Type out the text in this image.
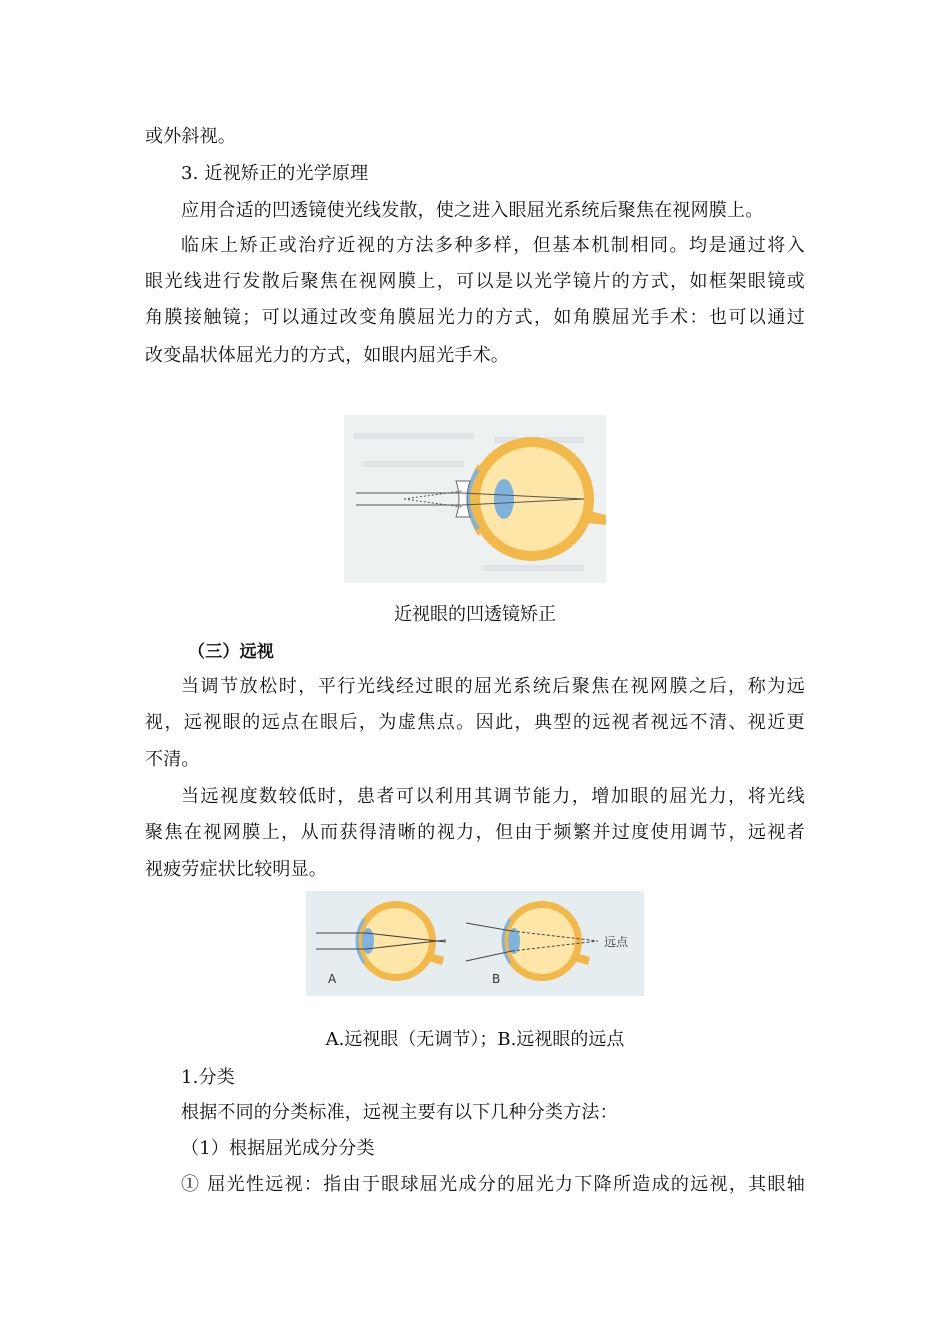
或外斜视。
3. 近视矫正的光学原理
应用合适的凹透镜使光线发散，使之进入眼屈光系统后聚焦在视网膜上。
临床上矫正或治疗近视的方法多种多样，但基本机制相同。均是通过将入
眼光线进行发散后聚焦在视网膜上，可以是以光学镜片的方式，如框架眼镜或
角膜接触镜；可以通过改变角膜屈光力的方式，如角膜屈光手术：也可以通过
改变晶状体屈光力的方式，如眼内屈光手术。
近视眼的凹透镜矫正
（三）远视
当调节放松时，平行光线经过眼的屈光系统后聚焦在视网膜之后，称为远
视，远视眼的远点在眼后，为虚焦点。因此，典型的远视者视远不清、视近更
不清。
当远视度数较低时，患者可以利用其调节能力，增加眼的屈光力，将光线
聚焦在视网膜上，从而获得清晰的视力，但由于频繁并过度使用调节，远视者
视疲劳症状比较明显。
A
远点
B
A.远视眼（无调节）；B.远视眼的远点
1.分类
根据不同的分类标准，远视主要有以下几种分类方法：
（1）根据屈光成分分类
① 屈光性远视：指由于眼球屈光成分的屈光力下降所造成的远视，其眼轴
